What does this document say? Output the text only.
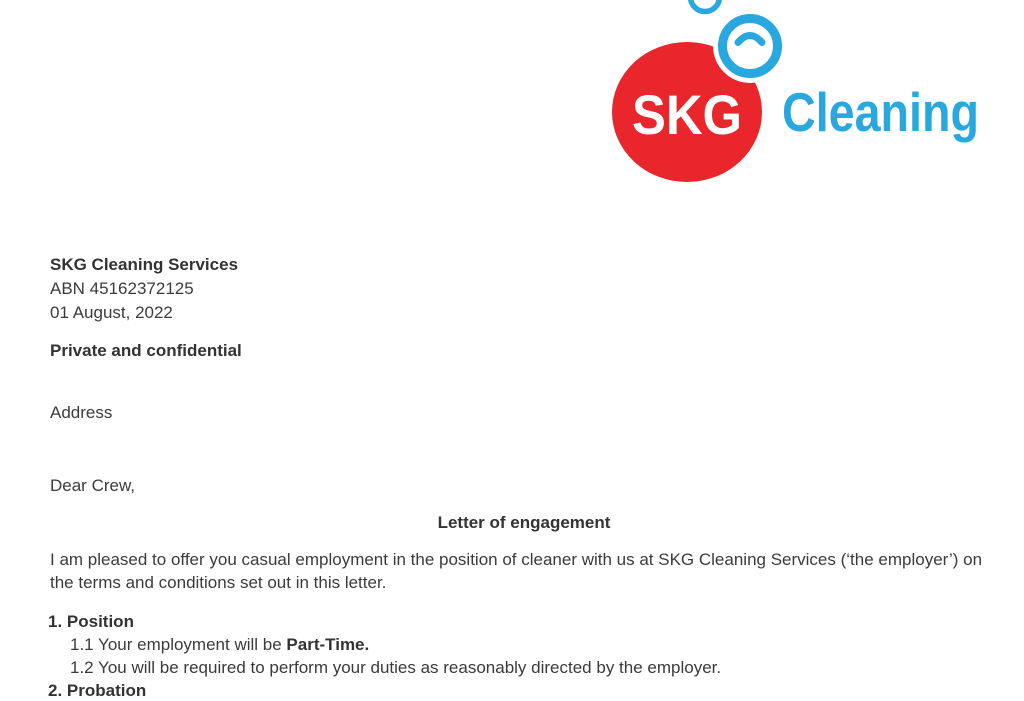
SKG Cleaning
SKG Cleaning Services
ABN 45162372125
01 August, 2022
Private and confidential
Address
Dear Crew,
Letter of engagement
I am pleased to offer you casual employment in the position of cleaner with us at SKG Cleaning Services (‘the employer’) on
the terms and conditions set out in this letter.
1. Position
1.1 Your employment will be Part-Time.
1.2 You will be required to perform your duties as reasonably directed by the employer.
2. Probation
